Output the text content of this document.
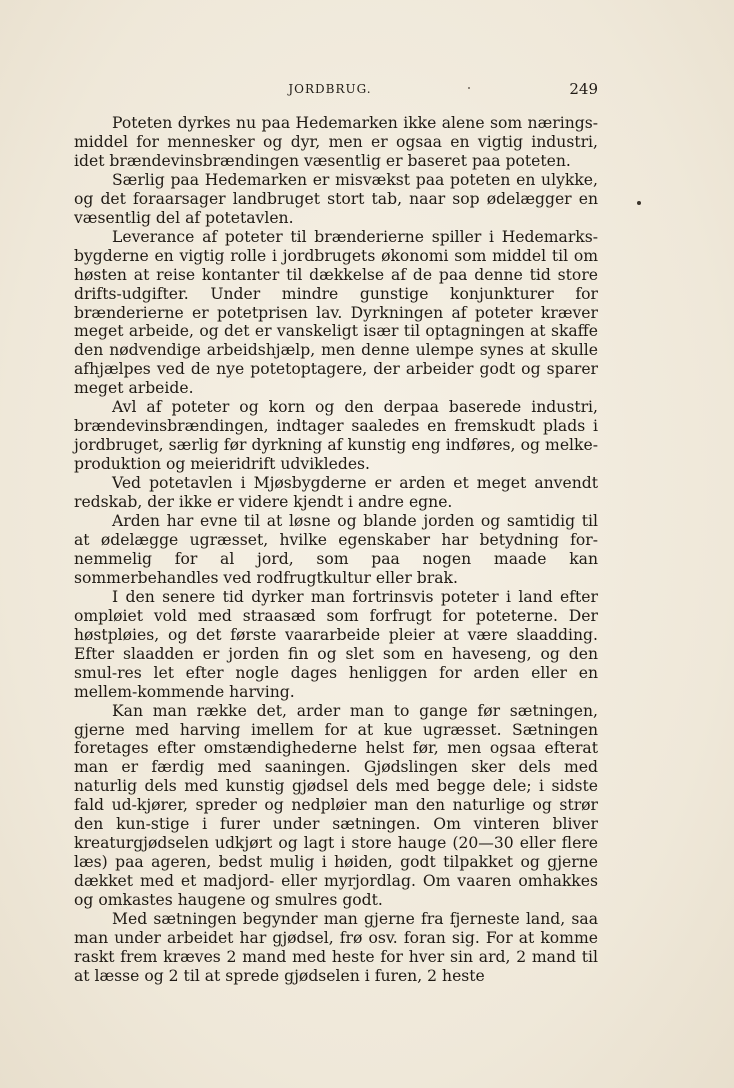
JORDBRUG.	249

Poteten dyrkes nu paa Hedemarken ikke alene som nærings-middel for mennesker og dyr, men er ogsaa en vigtig industri, idet brændevinsbrændingen væsentlig er baseret paa poteten.

Særlig paa Hedemarken er misvækst paa poteten en ulykke, og det foraarsager landbruget stort tab, naar sop ødelægger en væsentlig del af potetavlen.

Leverance af poteter til brænderierne spiller i Hedemarks-bygderne en vigtig rolle i jordbrugets økonomi som middel til om høsten at reise kontanter til dækkelse af de paa denne tid store drifts-udgifter. Under mindre gunstige konjunkturer for brænderierne er potetprisen lav. Dyrkningen af poteter kræver meget arbeide, og det er vanskeligt især til optagningen at skaffe den nødvendige arbeidshjælp, men denne ulempe synes at skulle afhjælpes ved de nye potetoptagere, der arbeider godt og sparer meget arbeide.

Avl af poteter og korn og den derpaa baserede industri, brændevinsbrændingen, indtager saaledes en fremskudt plads i jordbruget, særlig før dyrkning af kunstig eng indføres, og melke-produktion og meieridrift udvikledes.

Ved potetavlen i Mjøsbygderne er arden et meget anvendt redskab, der ikke er videre kjendt i andre egne.

Arden har evne til at løsne og blande jorden og samtidig til at ødelægge ugræsset, hvilke egenskaber har betydning for-nemmelig for al jord, som paa nogen maade kan sommerbehandles ved rodfrugtkultur eller brak.

I den senere tid dyrker man fortrinsvis poteter i land efter ompløiet vold med straasæd som forfrugt for poteterne. Der høstpløies, og det første vaararbeide pleier at være slaadding. Efter slaadden er jorden fin og slet som en haveseng, og den smul-res let efter nogle dages henliggen for arden eller en mellem-kommende harving.

Kan man række det, arder man to gange før sætningen, gjerne med harving imellem for at kue ugræsset. Sætningen foretages efter omstændighederne helst før, men ogsaa efterat man er færdig med saaningen. Gjødslingen sker dels med naturlig dels med kunstig gjødsel dels med begge dele; i sidste fald ud-kjører, spreder og nedpløier man den naturlige og strør den kun-stige i furer under sætningen. Om vinteren bliver kreaturgjødselen udkjørt og lagt i store hauge (20—30 eller flere læs) paa ageren, bedst mulig i høiden, godt tilpakket og gjerne dækket med et madjord- eller myrjordlag. Om vaaren omhakkes og omkastes haugene og smulres godt.

Med sætningen begynder man gjerne fra fjerneste land, saa man under arbeidet har gjødsel, frø osv. foran sig. For at komme raskt frem kræves 2 mand med heste for hver sin ard, 2 mand til at læsse og 2 til at sprede gjødselen i furen, 2 heste
